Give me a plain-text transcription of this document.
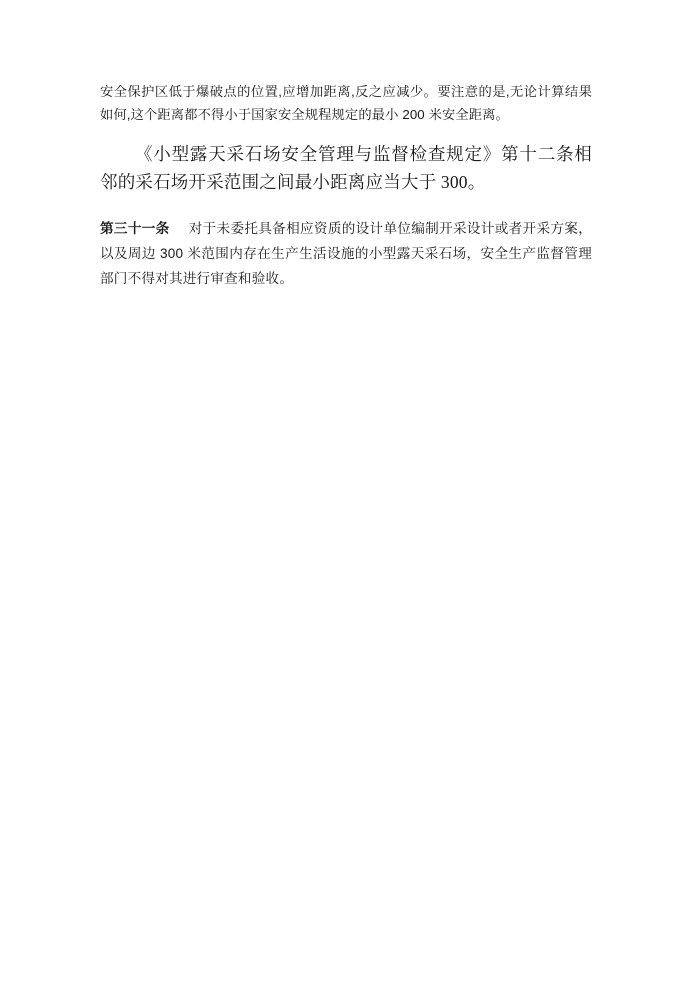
安全保护区低于爆破点的位置,应增加距离,反之应减少。要注意的是,无论计算结果如何,这个距离都不得小于国家安全规程规定的最小 200 米安全距离。

《小型露天采石场安全管理与监督检查规定》第十二条相邻的采石场开采范围之间最小距离应当大于 300。

第三十一条 对于未委托具备相应资质的设计单位编制开采设计或者开采方案，以及周边 300 米范围内存在生产生活设施的小型露天采石场，安全生产监督管理部门不得对其进行审查和验收。
